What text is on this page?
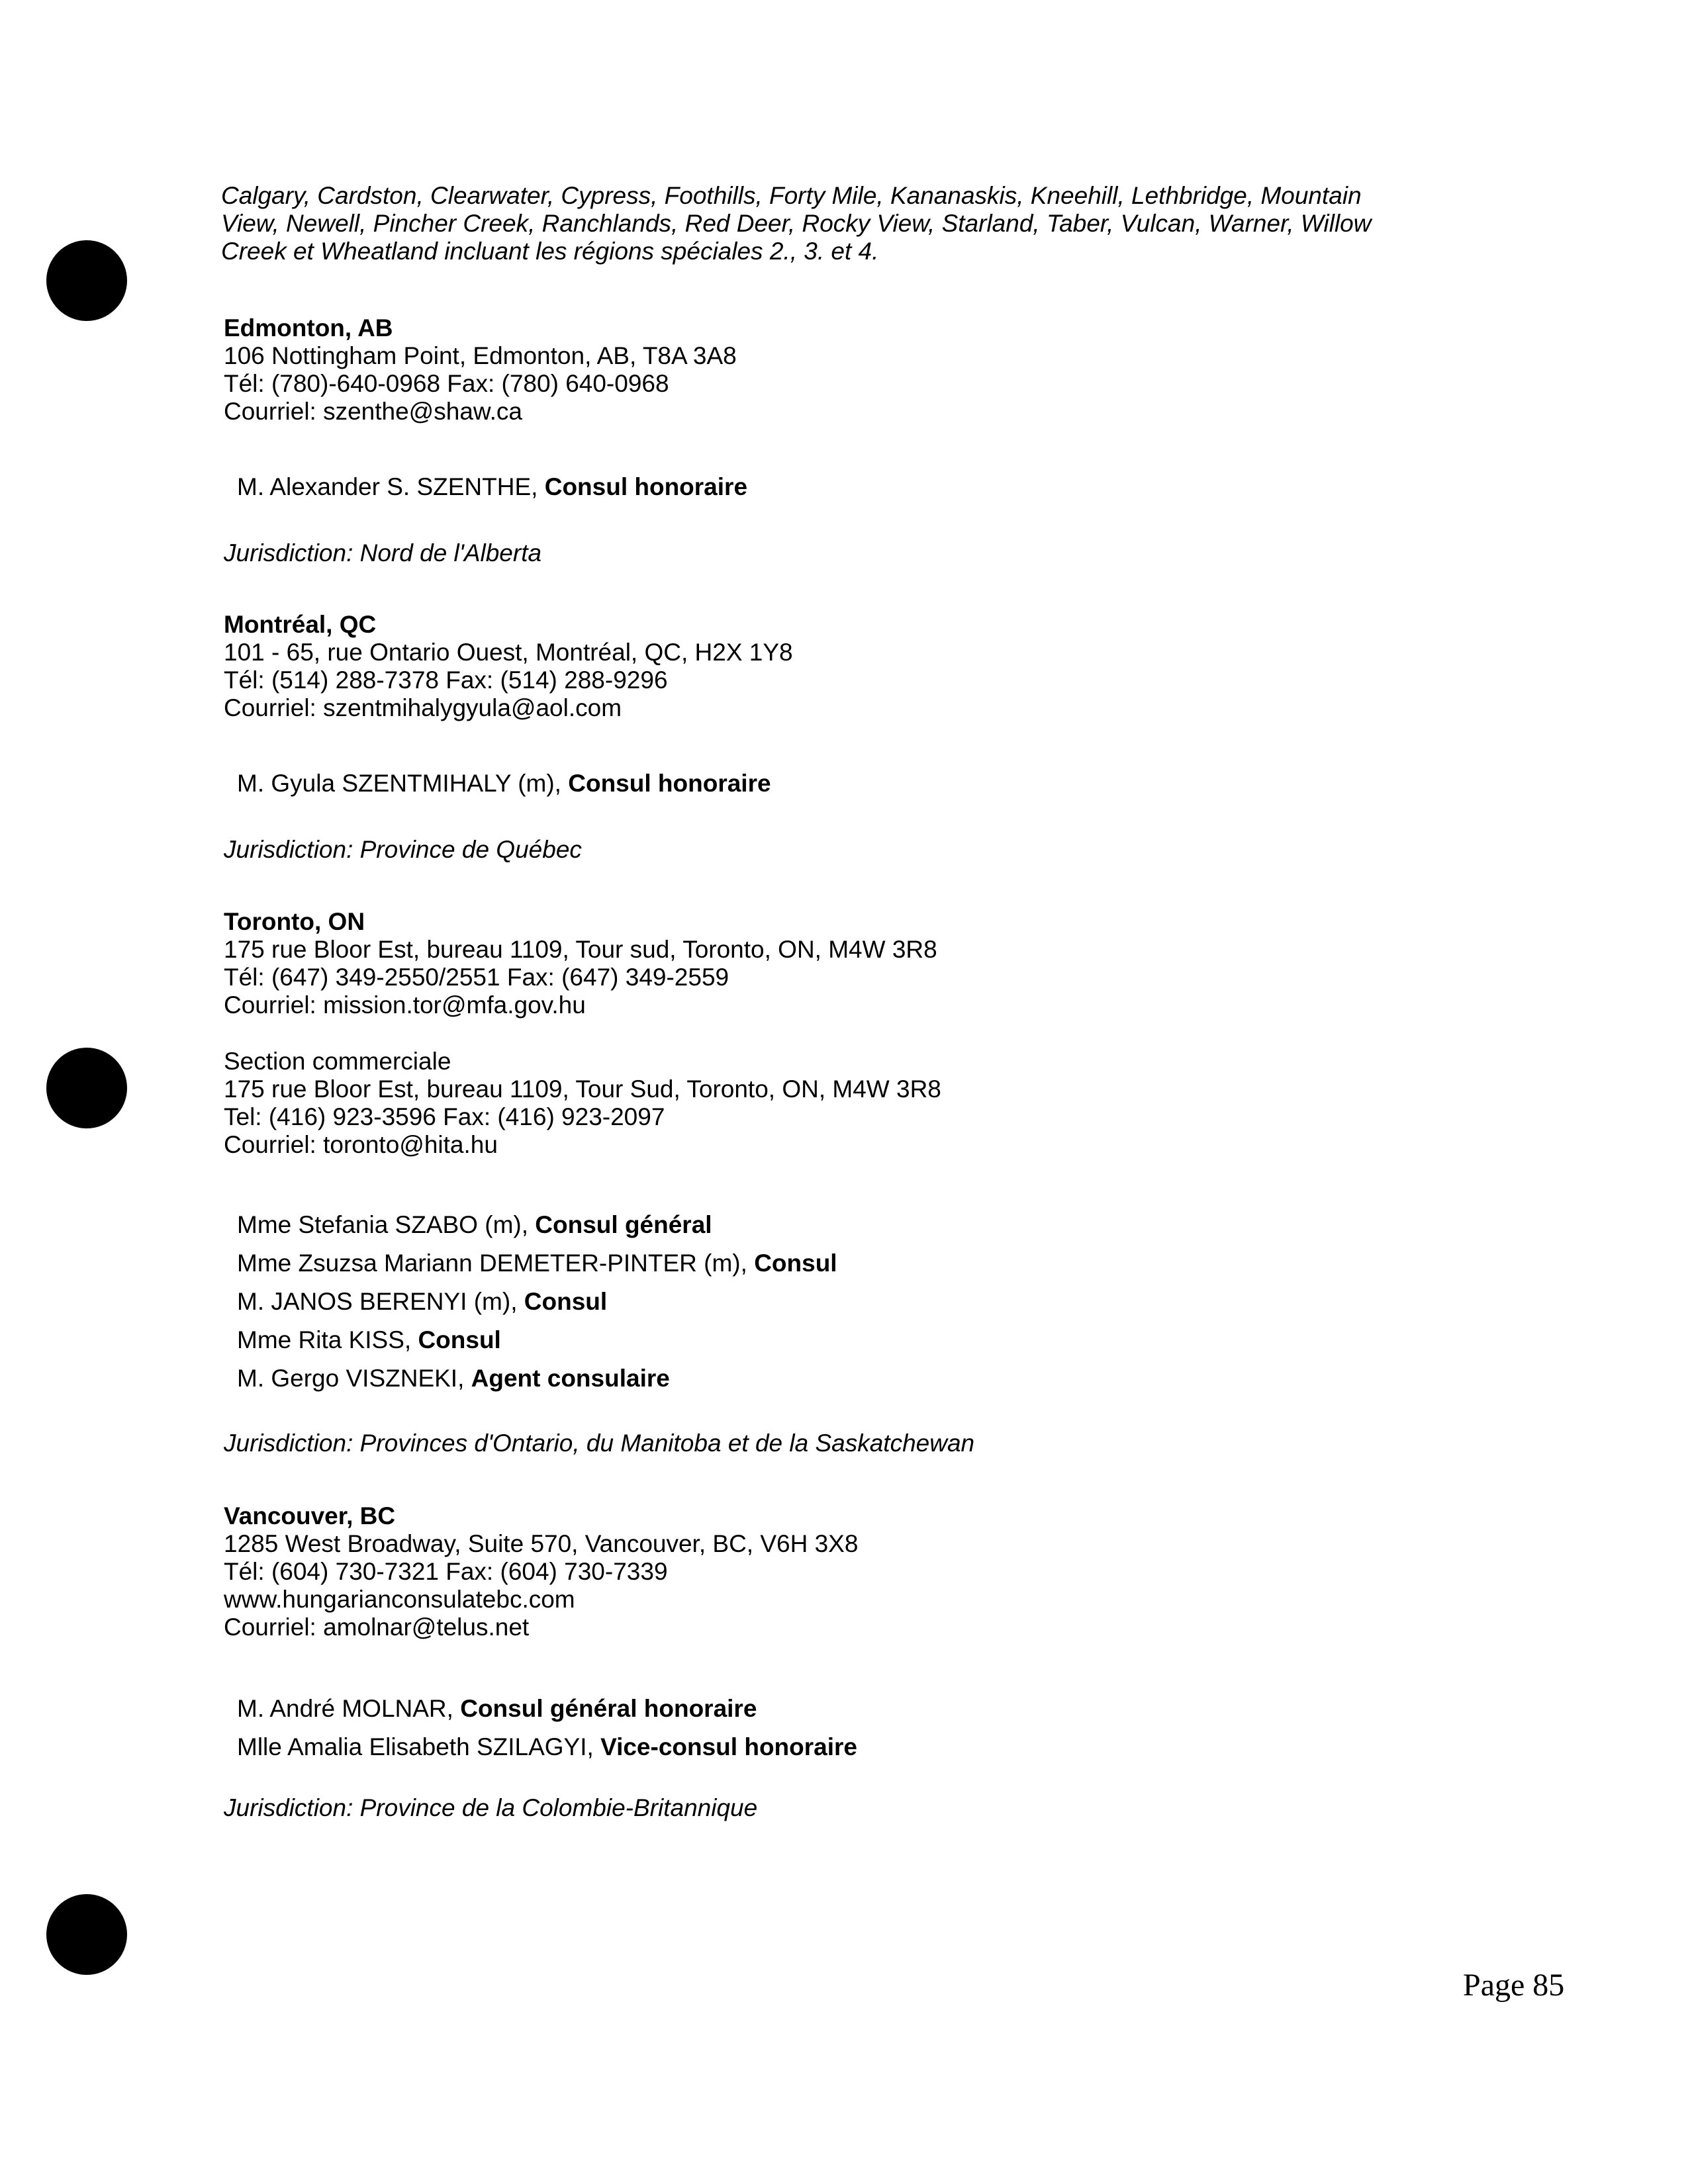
Calgary, Cardston, Clearwater, Cypress, Foothills, Forty Mile, Kananaskis, Kneehill, Lethbridge, Mountain
View, Newell, Pincher Creek, Ranchlands, Red Deer, Rocky View, Starland, Taber, Vulcan, Warner, Willow
Creek et Wheatland incluant les régions spéciales 2., 3. et 4.
Edmonton, AB
106 Nottingham Point, Edmonton, AB, T8A 3A8
Tél: (780)-640-0968 Fax: (780) 640-0968
Courriel: szenthe@shaw.ca
M. Alexander S. SZENTHE, Consul honoraire
Jurisdiction: Nord de l'Alberta
Montréal, QC
101 - 65, rue Ontario Ouest, Montréal, QC, H2X 1Y8
Tél: (514) 288-7378 Fax: (514) 288-9296
Courriel: szentmihalygyula@aol.com
M. Gyula SZENTMIHALY (m), Consul honoraire
Jurisdiction: Province de Québec
Toronto, ON
175 rue Bloor Est, bureau 1109, Tour sud, Toronto, ON, M4W 3R8
Tél: (647) 349-2550/2551 Fax: (647) 349-2559
Courriel: mission.tor@mfa.gov.hu
Section commerciale
175 rue Bloor Est, bureau 1109, Tour Sud, Toronto, ON, M4W 3R8
Tel: (416) 923-3596 Fax: (416) 923-2097
Courriel: toronto@hita.hu
Mme Stefania SZABO (m), Consul général
Mme Zsuzsa Mariann DEMETER-PINTER (m), Consul
M. JANOS BERENYI (m), Consul
Mme Rita KISS, Consul
M. Gergo VISZNEKI, Agent consulaire
Jurisdiction: Provinces d'Ontario, du Manitoba et de la Saskatchewan
Vancouver, BC
1285 West Broadway, Suite 570, Vancouver, BC, V6H 3X8
Tél: (604) 730-7321 Fax: (604) 730-7339
www.hungarianconsulatebc.com
Courriel: amolnar@telus.net
M. André MOLNAR, Consul général honoraire
Mlle Amalia Elisabeth SZILAGYI, Vice-consul honoraire
Jurisdiction: Province de la Colombie-Britannique
Page 85
